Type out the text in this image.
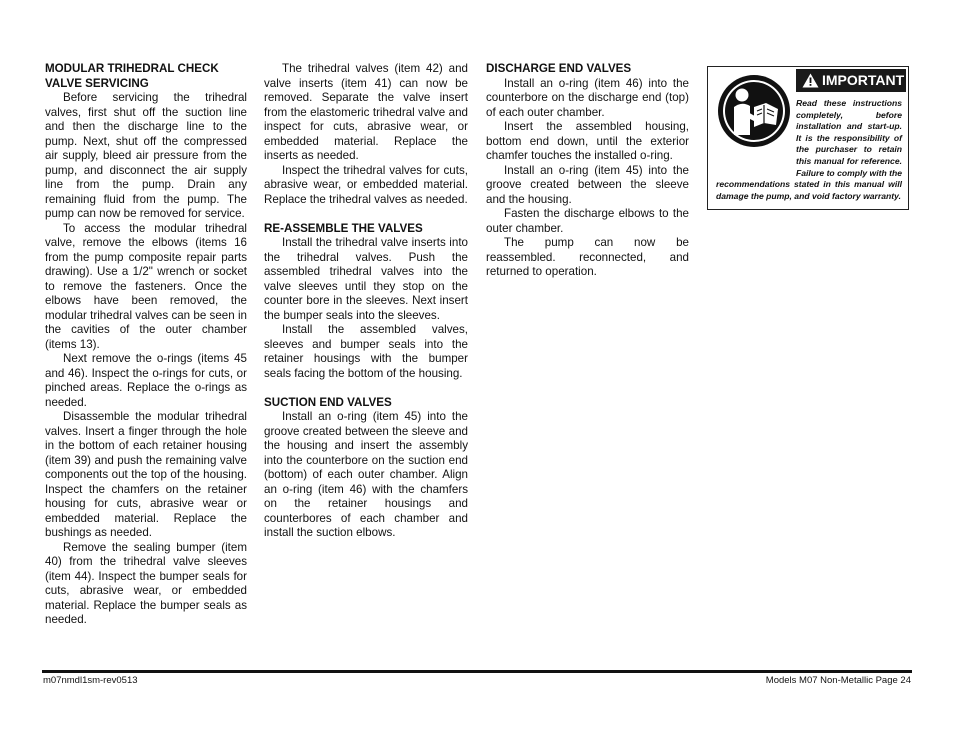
MODULAR TRIHEDRAL CHECK VALVE SERVICING

Before servicing the trihedral valves, first shut off the suction line and then the discharge line to the pump. Next, shut off the compressed air supply, bleed air pressure from the pump, and disconnect the air supply line from the pump. Drain any remaining fluid from the pump. The pump can now be removed for service.

To access the modular trihedral valve, remove the elbows (items 16 from the pump composite repair parts drawing). Use a 1/2" wrench or socket to remove the fasteners. Once the elbows have been removed, the modular trihedral valves can be seen in the cavities of the outer chamber (items 13).

Next remove the o-rings (items 45 and 46). Inspect the o-rings for cuts, or pinched areas. Replace the o-rings as needed.

Disassemble the modular trihedral valves. Insert a finger through the hole in the bottom of each retainer housing (item 39) and push the remaining valve components out the top of the housing. Inspect the chamfers on the retainer housing for cuts, abrasive wear or embedded material. Replace the bushings as needed.

Remove the sealing bumper (item 40) from the trihedral valve sleeves (item 44). Inspect the bumper seals for cuts, abrasive wear, or embedded material. Replace the bumper seals as needed.

The trihedral valves (item 42) and valve inserts (item 41) can now be removed. Separate the valve insert from the elastomeric trihedral valve and inspect for cuts, abrasive wear, or embedded material. Replace the inserts as needed.

Inspect the trihedral valves for cuts, abrasive wear, or embedded material. Replace the trihedral valves as needed.

RE-ASSEMBLE THE VALVES

Install the trihedral valve inserts into the trihedral valves. Push the assembled trihedral valves into the valve sleeves until they stop on the counter bore in the sleeves. Next insert the bumper seals into the sleeves.

Install the assembled valves, sleeves and bumper seals into the retainer housings with the bumper seals facing the bottom of the housing.

SUCTION END VALVES

Install an o-ring (item 45) into the groove created between the sleeve and the housing and insert the assembly into the counterbore on the suction end (bottom) of each outer chamber. Align an o-ring (item 46) with the chamfers on the retainer housings and counterbores of each chamber and install the suction elbows.

DISCHARGE END VALVES

Install an o-ring (item 46) into the counterbore on the discharge end (top) of each outer chamber.

Insert the assembled housing, bottom end down, until the exterior chamfer touches the installed o-ring.

Install an o-ring (item 45) into the groove created between the sleeve and the housing.

Fasten the discharge elbows to the outer chamber.

The pump can now be reassembled. reconnected, and returned to operation.

IMPORTANT
Read these instructions completely, before installation and start-up. It is the responsibility of the purchaser to retain this manual for reference. Failure to comply with the recommendations stated in this manual will damage the pump, and void factory warranty.
m07nmdl1sm-rev0513	Models M07 Non-Metallic Page 24
